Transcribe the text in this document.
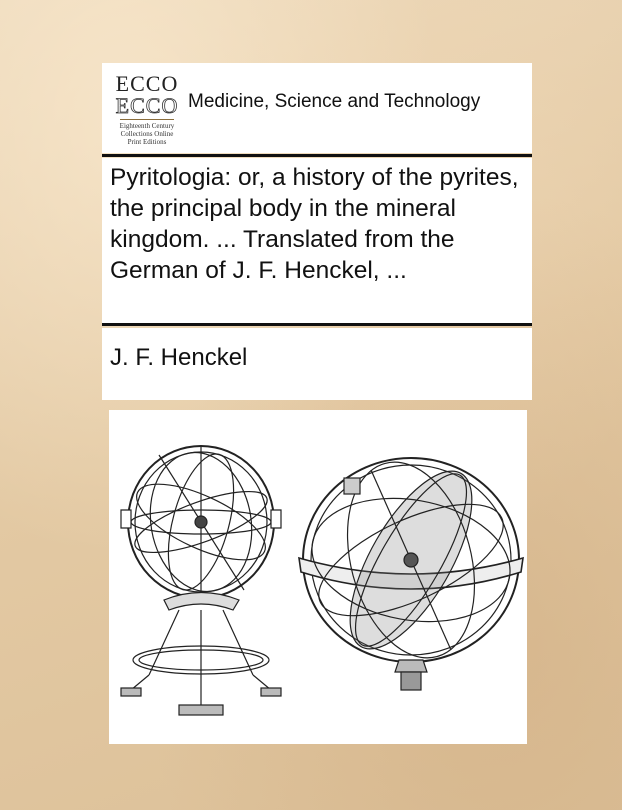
ECCO
ECCO
Eighteenth Century
Collections Online
Print Editions
Medicine, Science and Technology
Pyritologia: or, a history of the pyrites, the principal body in the mineral kingdom. ... Translated from the German of J. F. Henckel, ...
J. F. Henckel
